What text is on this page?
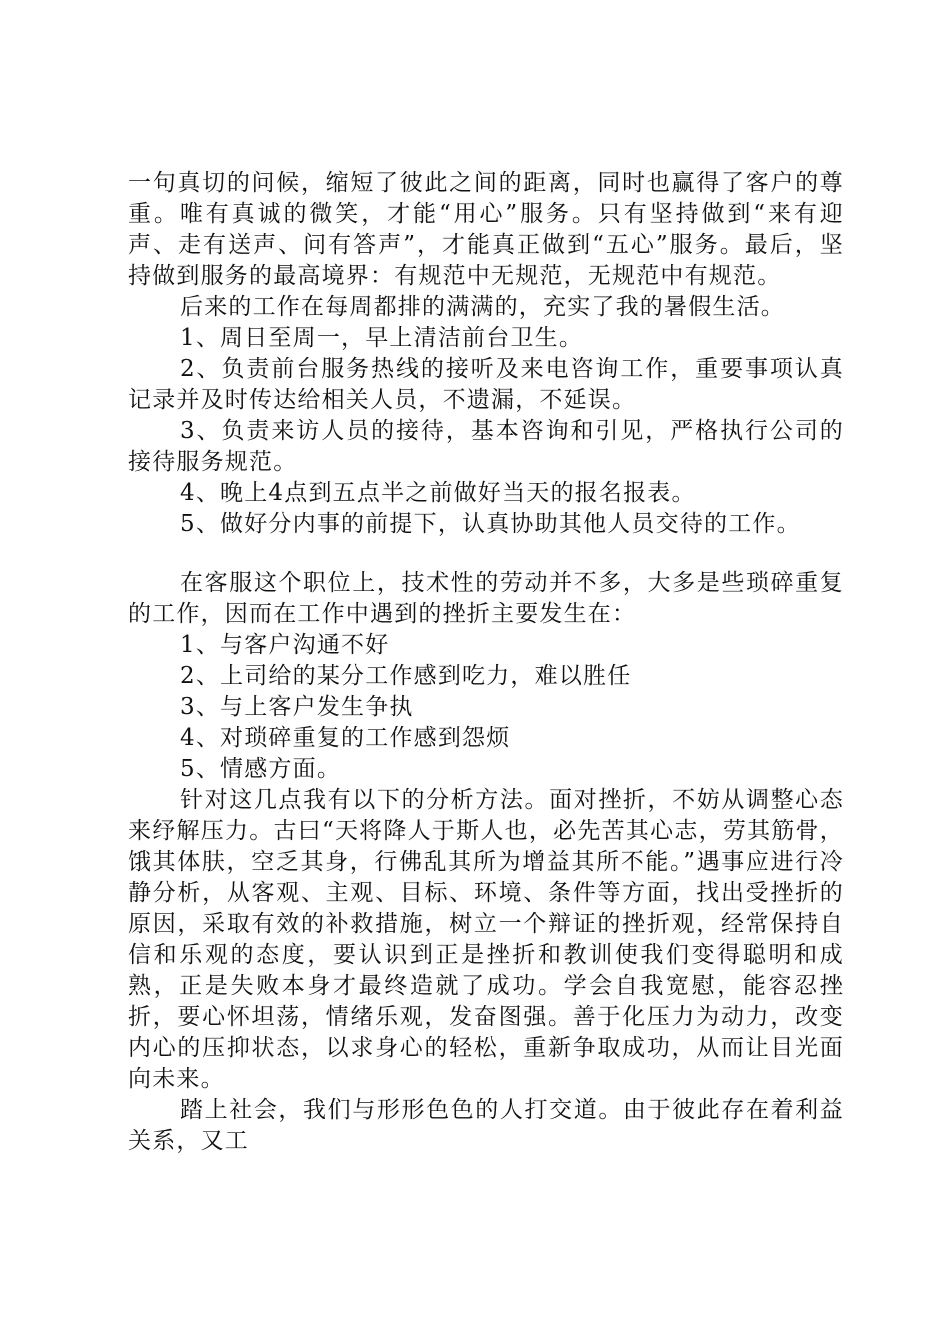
一句真切的问候，缩短了彼此之间的距离，同时也赢得了客户的尊重。唯有真诚的微笑，才能“用心”服务。只有坚持做到“来有迎声、走有送声、问有答声”，才能真正做到“五心”服务。最后，坚持做到服务的最高境界：有规范中无规范，无规范中有规范。

后来的工作在每周都排的满满的，充实了我的暑假生活。

1、周日至周一，早上清洁前台卫生。

2、负责前台服务热线的接听及来电咨询工作，重要事项认真记录并及时传达给相关人员，不遗漏，不延误。

3、负责来访人员的接待，基本咨询和引见，严格执行公司的接待服务规范。

4、晚上4点到五点半之前做好当天的报名报表。

5、做好分内事的前提下，认真协助其他人员交待的工作。

在客服这个职位上，技术性的劳动并不多，大多是些琐碎重复的工作，因而在工作中遇到的挫折主要发生在：

1、与客户沟通不好

2、上司给的某分工作感到吃力，难以胜任

3、与上客户发生争执

4、对琐碎重复的工作感到怨烦

5、情感方面。

针对这几点我有以下的分析方法。面对挫折，不妨从调整心态来纾解压力。古曰“天将降人于斯人也，必先苦其心志，劳其筋骨，饿其体肤，空乏其身，行佛乱其所为增益其所不能。”遇事应进行冷静分析，从客观、主观、目标、环境、条件等方面，找出受挫折的原因，采取有效的补救措施，树立一个辩证的挫折观，经常保持自信和乐观的态度，要认识到正是挫折和教训使我们变得聪明和成熟，正是失败本身才最终造就了成功。学会自我宽慰，能容忍挫折，要心怀坦荡，情绪乐观，发奋图强。善于化压力为动力，改变内心的压抑状态，以求身心的轻松，重新争取成功，从而让目光面向未来。

踏上社会，我们与形形色色的人打交道。由于彼此存在着利益关系，又工
